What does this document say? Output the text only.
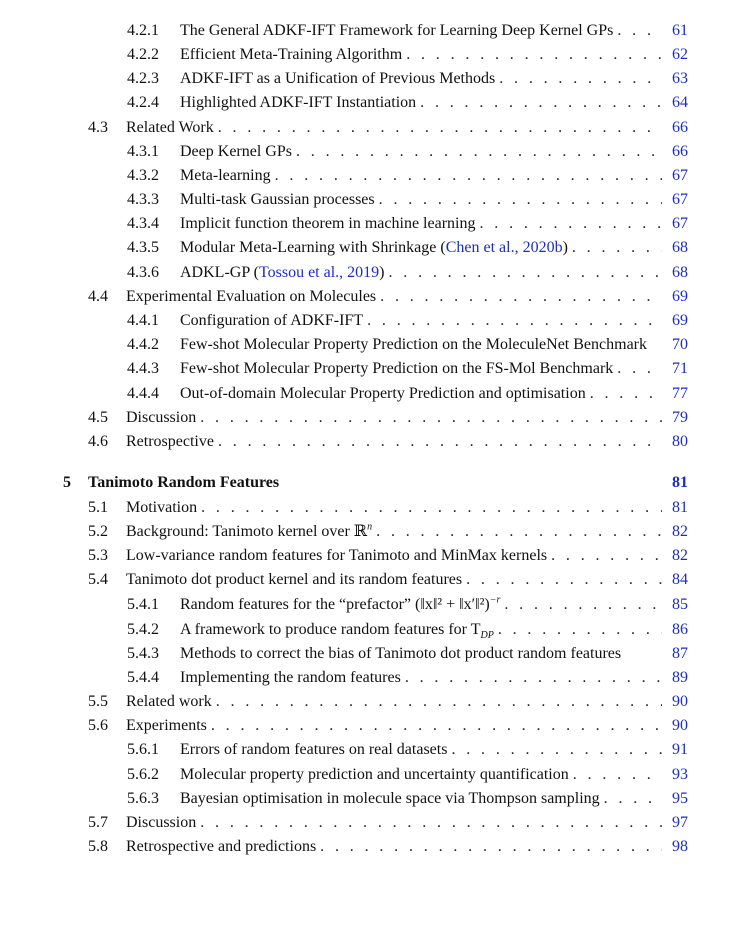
4.2.1	The General ADKF-IFT Framework for Learning Deep Kernel GPs . . .	61
4.2.2	Efficient Meta-Training Algorithm . . .	62
4.2.3	ADKF-IFT as a Unification of Previous Methods . . .	63
4.2.4	Highlighted ADKF-IFT Instantiation . . .	64
4.3	Related Work . . .	66
4.3.1	Deep Kernel GPs . . .	66
4.3.2	Meta-learning . . .	67
4.3.3	Multi-task Gaussian processes . . .	67
4.3.4	Implicit function theorem in machine learning . . .	67
4.3.5	Modular Meta-Learning with Shrinkage (Chen et al., 2020b) . . .	68
4.3.6	ADKL-GP (Tossou et al., 2019) . . .	68
4.4	Experimental Evaluation on Molecules . . .	69
4.4.1	Configuration of ADKF-IFT . . .	69
4.4.2	Few-shot Molecular Property Prediction on the MoleculeNet Benchmark	70
4.4.3	Few-shot Molecular Property Prediction on the FS-Mol Benchmark . . .	71
4.4.4	Out-of-domain Molecular Property Prediction and optimisation . . .	77
4.5	Discussion . . .	79
4.6	Retrospective . . .	80
5	Tanimoto Random Features	81
5.1	Motivation . . .	81
5.2	Background: Tanimoto kernel over ℝ$^n$ . . .	82
5.3	Low-variance random features for Tanimoto and MinMax kernels . . .	82
5.4	Tanimoto dot product kernel and its random features . . .	84
5.4.1	Random features for the “prefactor” (‖x‖² + ‖x′‖²)$^{-r}$ . . .	85
5.4.2	A framework to produce random features for $T_{DP}$ . . .	86
5.4.3	Methods to correct the bias of Tanimoto dot product random features	87
5.4.4	Implementing the random features . . .	89
5.5	Related work . . .	90
5.6	Experiments . . .	90
5.6.1	Errors of random features on real datasets . . .	91
5.6.2	Molecular property prediction and uncertainty quantification . . .	93
5.6.3	Bayesian optimisation in molecule space via Thompson sampling . . .	95
5.7	Discussion . . .	97
5.8	Retrospective and predictions . . .	98
